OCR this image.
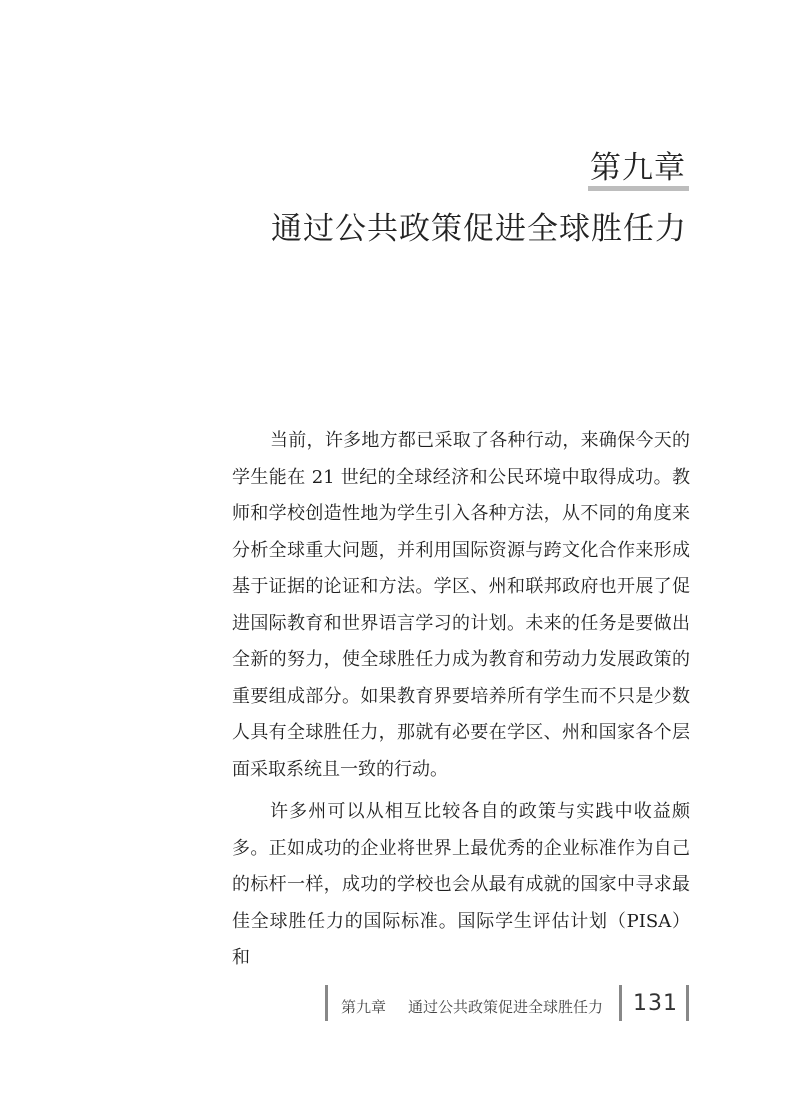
第九章
通过公共政策促进全球胜任力

当前，许多地方都已采取了各种行动，来确保今天的学生能在 21 世纪的全球经济和公民环境中取得成功。教师和学校创造性地为学生引入各种方法，从不同的角度来分析全球重大问题，并利用国际资源与跨文化合作来形成基于证据的论证和方法。学区、州和联邦政府也开展了促进国际教育和世界语言学习的计划。未来的任务是要做出全新的努力，使全球胜任力成为教育和劳动力发展政策的重要组成部分。如果教育界要培养所有学生而不只是少数人具有全球胜任力，那就有必要在学区、州和国家各个层面采取系统且一致的行动。

许多州可以从相互比较各自的政策与实践中收益颇多。正如成功的企业将世界上最优秀的企业标准作为自己的标杆一样，成功的学校也会从最有成就的国家中寻求最佳全球胜任力的国际标准。国际学生评估计划（PISA）和

第九章 通过公共政策促进全球胜任力 131
